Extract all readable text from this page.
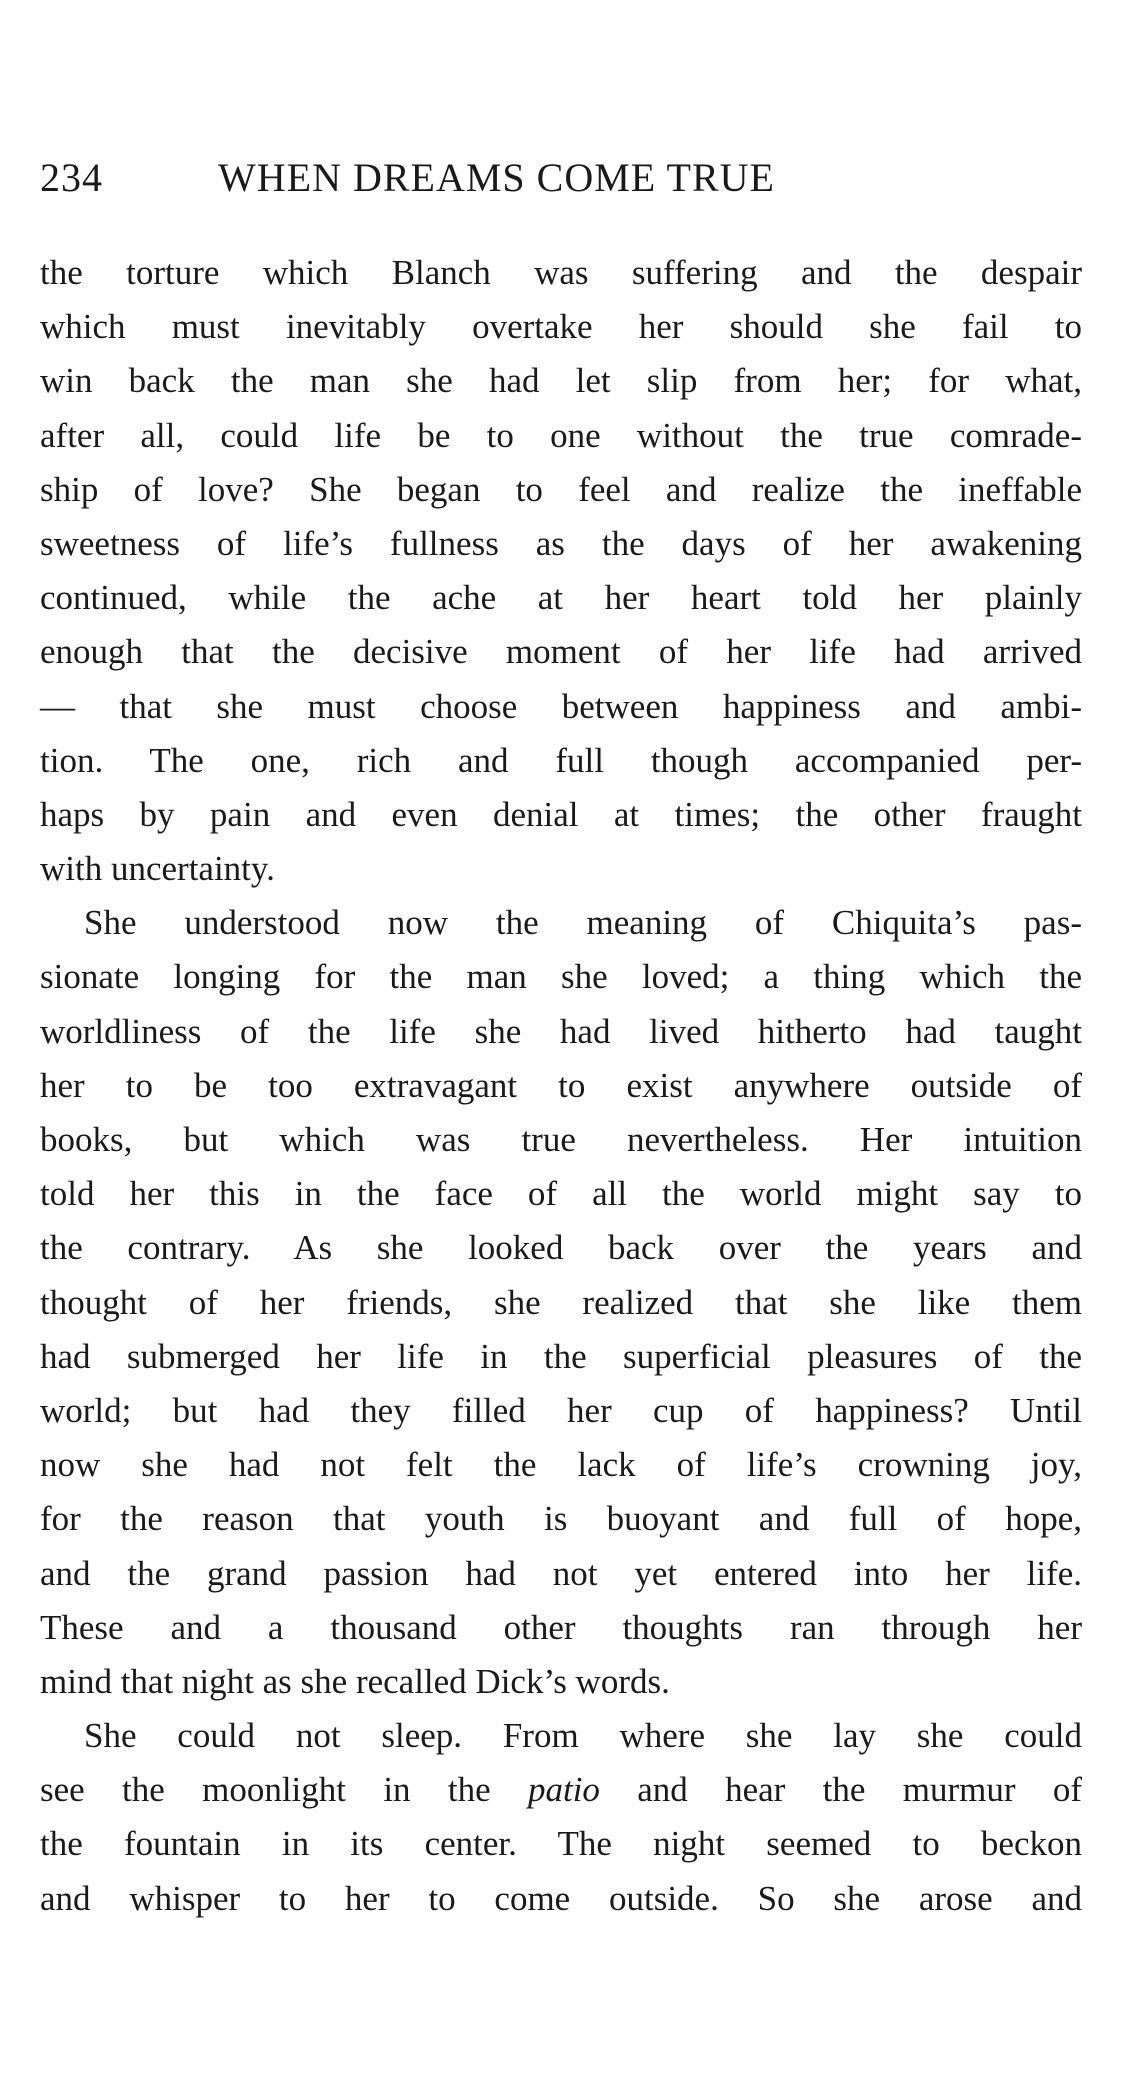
234	WHEN DREAMS COME TRUE
the torture which Blanch was suffering and the despair
which must inevitably overtake her should she fail to
win back the man she had let slip from her; for what,
after all, could life be to one without the true comrade-
ship of love? She began to feel and realize the ineffable
sweetness of life’s fullness as the days of her awakening
continued, while the ache at her heart told her plainly
enough that the decisive moment of her life had arrived
— that she must choose between happiness and ambi-
tion. The one, rich and full though accompanied per-
haps by pain and even denial at times; the other fraught
with uncertainty.
She understood now the meaning of Chiquita’s pas-
sionate longing for the man she loved; a thing which the
worldliness of the life she had lived hitherto had taught
her to be too extravagant to exist anywhere outside of
books, but which was true nevertheless. Her intuition
told her this in the face of all the world might say to
the contrary. As she looked back over the years and
thought of her friends, she realized that she like them
had submerged her life in the superficial pleasures of the
world; but had they filled her cup of happiness? Until
now she had not felt the lack of life’s crowning joy,
for the reason that youth is buoyant and full of hope,
and the grand passion had not yet entered into her life.
These and a thousand other thoughts ran through her
mind that night as she recalled Dick’s words.
She could not sleep. From where she lay she could
see the moonlight in the patio and hear the murmur of
the fountain in its center. The night seemed to beckon
and whisper to her to come outside. So she arose and
